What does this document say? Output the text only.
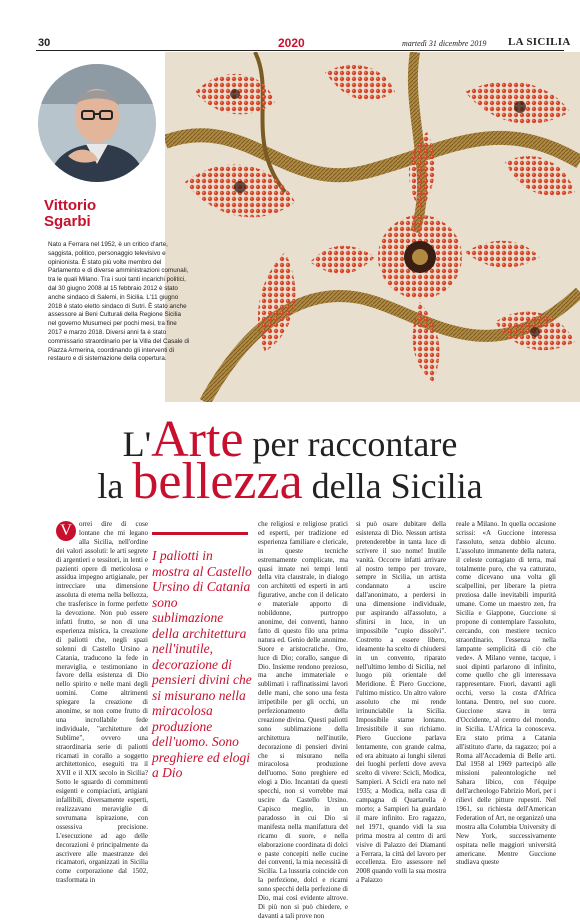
30	2020	martedì 31 dicembre 2019 LA SICILIA
Vittorio
Sgarbi
Nato a Ferrara nel 1952, è un critico d'arte, saggista, politico, personaggio televisivo e opinionista. È stato più volte membro del Parlamento e di diverse amministrazioni comunali, tra le quali Milano. Tra i suoi tanti incarichi politici, dal 30 giugno 2008 al 15 febbraio 2012 è stato anche sindaco di Salemi, in Sicilia. L'11 giugno 2018 è stato eletto sindaco di Sutri. È stato anche assessore ai Beni Culturali della Regione Sicilia nel governo Musumeci per pochi mesi, tra fine 2017 e marzo 2018. Diversi anni fa è stato commissario straordinario per la Villa del Casale di Piazza Armerina, coordinando gli interventi di restauro e di sistemazione della copertura.
L'Arte per raccontare
la bellezza della Sicilia
V	orrei dire di cose lontane che mi legano alla Sicilia, nell'ordine dei valori assoluti: le arti segrete di argentieri e tessitori, in lenti e pazienti opere di meticolosa e assidua impegno artigianale, per intrecciare una dimensione assoluta di eterna nella bellezza, che trasferisce in forme perfette la devozione. Non può essere infatti frutto, se non di una esperienza mistica, la creazione di paliotti che, negli spazi solenni di Castello Ursino a Catania, traducono la fede in meraviglia, e testimoniano in favore della esistenza di Dio nello spirito e nelle mani degli uomini. Come altrimenti spiegare la creazione di anonime, se non come frutto di una incrollabile fede individuale, "architetture del Sublime", ovvero una straordinaria serie di paliotti ricamati in corallo a soggetto architettonico, eseguiti tra il XVII e il XIX secolo in Sicilia? Sotto le sguardo di committenti esigenti e compiaciuti, artigiani infallibili, diversamente esperti, realizzavano meraviglie di sovrumana ispirazione, con ossessiva precisione. L'esecuzione ad ago delle decorazioni è principalmente da ascrivere alle maestranze dei ricamatori, organizzati in Sicilia come corporazione dal 1502, trasformata in
I paliotti in mostra al Castello Ursino di Catania sono sublimazione della architettura nell'inutile, decorazione di pensieri divini che si misurano nella miracolosa produzione dell'uomo. Sono preghiere ed elogi a Dio
che religiosi e religiose pratici ed esperti, per tradizione ed esperienza familiare e clericale, in queste tecniche estremamente complicate, ma quasi innate nei tempi lenti della vita claustrale, in dialogo con architetti ed esperti in arti figurative, anche con il delicato e materiale apporto di nobildonne, purtroppo anonime, dei conventi, hanno fatto di questo filo una prima natura ed. Genio delle anonime. Suore e aristocratiche. Oro, luce di Dio; corallo, sangue di Dio. Insieme rendono prezioso, ma anche immateriale e sublimati i raffinatissimi lavori delle mani, che sono una festa irripetibile per gli occhi, un perfezionamento della creazione divina. Questi paliotti sono sublimazione della architettura nell'inutile, decorazione di pensieri divini che si misurano nella miracolosa produzione dell'uomo. Sono preghiere ed elogi a Dio. Incantati da questi specchi, non si vorrebbe mai uscire da Castello Ursino. Capisco meglio, in un paradosso in cui Dio si manifesta nella manifattura del ricamo di suore, e nella elaborazione coordinata di dolci e paste concepiti nelle cucine dei conventi, la mia necessità di Sicilia. La lussuria coincide con la perfezione, dolci e ricami sono specchi della perfezione di Dio, mai così evidente altrove. Di più non si può chiedere, e davanti a tali prove non
si può osare dubitare della esistenza di Dio. Nessun artista pretenderebbe in tanta luce di scrivere il suo nome! Inutile vanità. Occorre infatti arrivare al nostro tempo per trovare, sempre in Sicilia, un artista condannato a uscire dall'anonimato, a perdersi in una dimensione individuale, pur aspirando all'assoluto, a sfinirsi in luce, in un impossibile "cupio dissolvi". Costretto a essere libero, ideamente ha scelto di chiudersi in un convento, riparato nell'ultimo lembo di Sicilia, nel luogo più orientale del Meridione. È Piero Guccione, l'ultimo mistico. Un altro valore assoluto che mi rende irrinunciabile la Sicilia. Impossibile starne lontano. Irresistibile il suo richiamo. Piero Guccione parlava lentamente, con grande calma, ed era abituato ai lunghi silenzi dei luoghi perfetti dove aveva scelto di vivere: Scicli, Modica, Sampieri. A Scicli era nato nel 1935; a Modica, nella casa di campagna di Quartarella è morto; a Sampieri ha guardato il mare infinito. Ero ragazzo, nel 1971, quando vidi la sua prima mostra al centro di arti visive di Palazzo dei Diamanti a Ferrara, la città del lavoro per eccellenza. Ero assessore nel 2008 quando volli la sua mostra a Palazzo
reale a Milano. In quella occasione scrissi: «A Guccione interessa l'assoluto, senza dubbio alcuno. L'assoluto immanente della natura, il celeste contagiato di terra, mai totalmente puro, che va catturato, come dicevano una volta gli scalpellini, per liberare la pietra preziosa dalle inevitabili impurità umane. Come un maestro zen, fra Sicilia e Giappone, Guccione si propone di contemplare l'assoluto, cercando, con mestiere tecnico straordinario, l'essenza nella lampante semplicità di ciò che vede». A Milano venne, tacque, i suoi dipinti parlarono di infinito, come quello che gli interessava rappresentare. Fuori, davanti agli occhi, verso la costa d'Africa lontana. Dentro, nel suo cuore. Guccione stava in terra d'Occidente, al centro del mondo, in Sicilia. L'Africa la conosceva. Era stato prima a Catania all'istituto d'arte, da ragazzo; poi a Roma all'Accademia di Belle arti. Dal 1958 al 1969 partecipò alle missioni paleontologiche nel Sahara libico, con l'équipe dell'archeologo Fabrizio Mori, per i rilievi delle pitture rupestri. Nel 1961, su richiesta dell'American Federation of Art, ne organizzò una mostra alla Columbia University di New York, successivamente ospitata nelle maggiori università americane. Mentre Guccione studiava queste
